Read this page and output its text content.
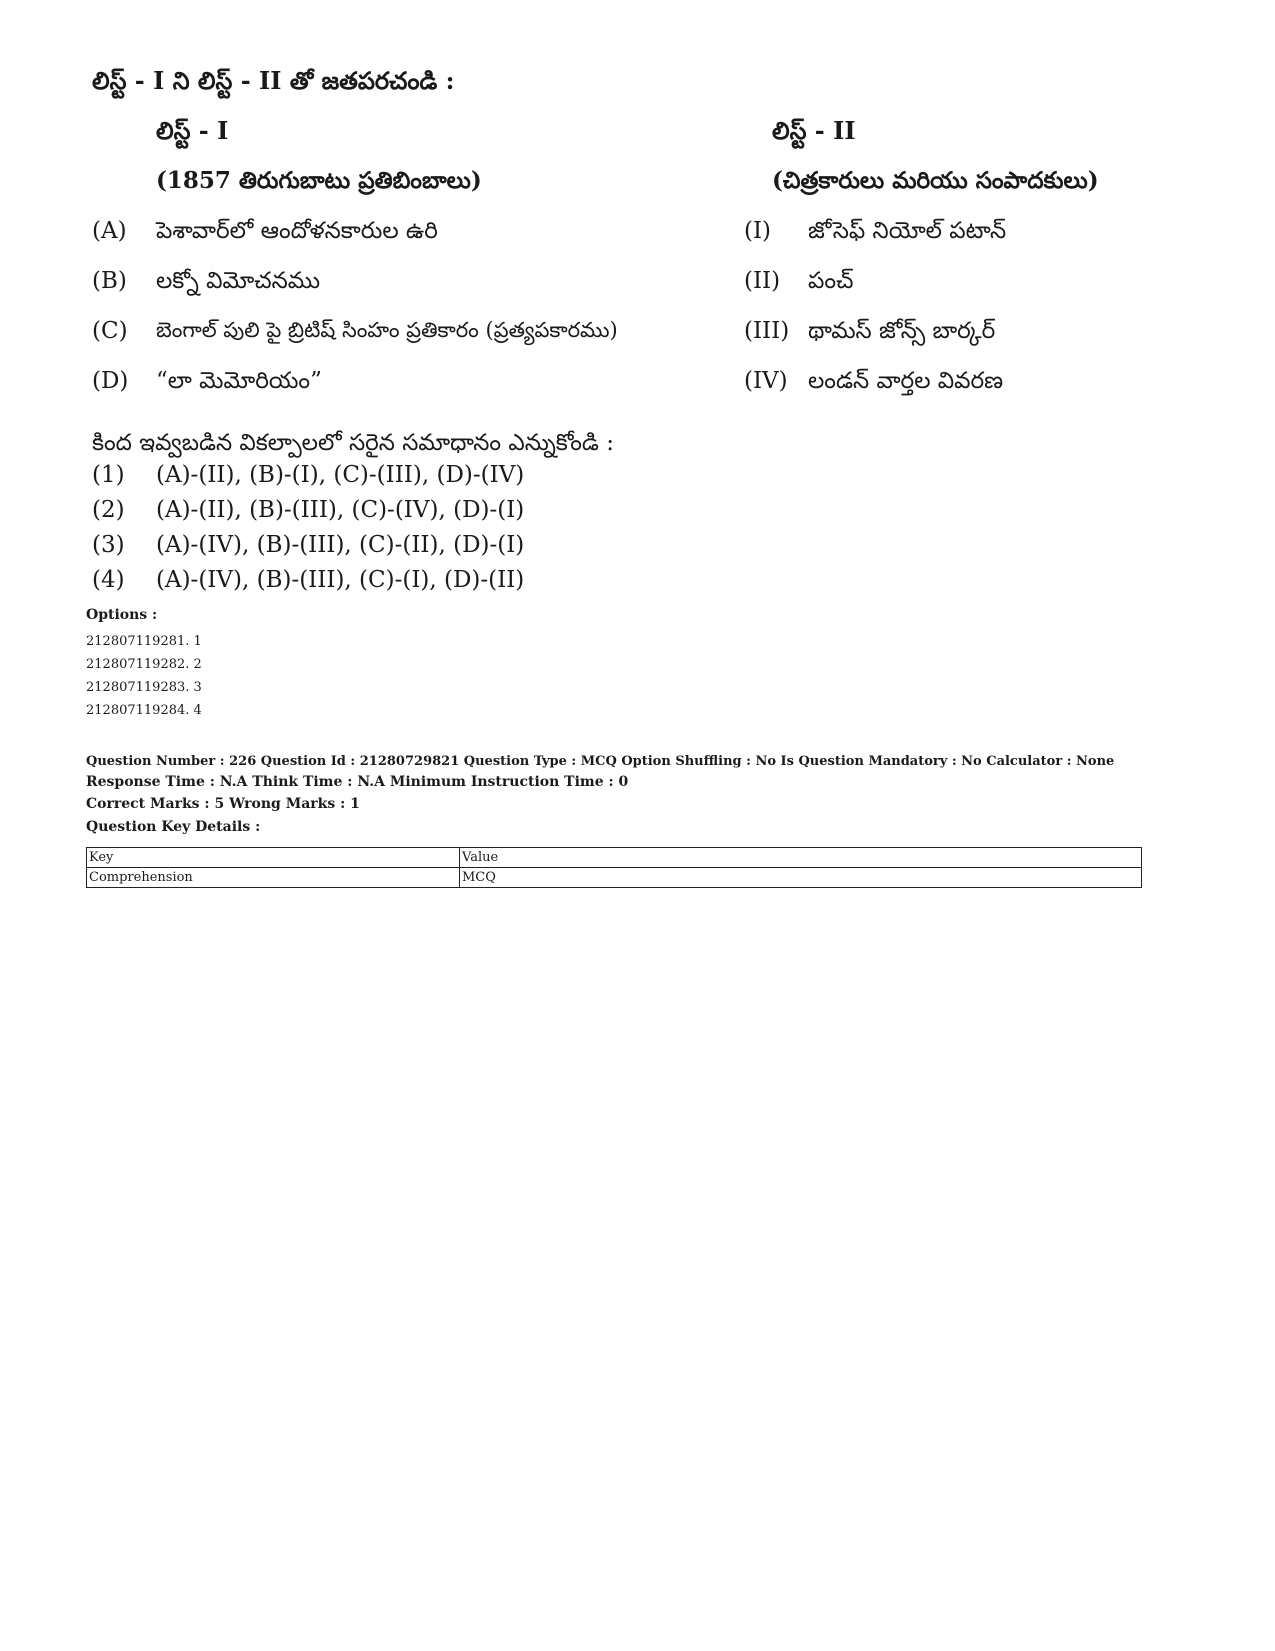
లిస్ట్ - I ని లిస్ట్ - II తో జతపరచండి :
లిస్ట్ - I	లిస్ట్ - II
(1857 తిరుగుబాటు ప్రతిబింబాలు)	(చిత్రకారులు మరియు సంపాదకులు)
(A) పెశావార్‌లో ఆందోళనకారుల ఉరి	(I) జోసెఫ్ నియోల్ పటాన్
(B) లక్నో విమోచనము	(II) పంచ్
(C) బెంగాల్ పులి పై బ్రిటిష్ సింహం ప్రతికారం (ప్రత్యపకారము)	(III) థామస్ జోన్స్ బార్కర్
(D) “లా మెమోరియం”	(IV) లండన్ వార్తల వివరణ
కింద ఇవ్వబడిన వికల్పాలలో సరైన సమాధానం ఎన్నుకోండి :
(1) (A)-(II), (B)-(I), (C)-(III), (D)-(IV)
(2) (A)-(II), (B)-(III), (C)-(IV), (D)-(I)
(3) (A)-(IV), (B)-(III), (C)-(II), (D)-(I)
(4) (A)-(IV), (B)-(III), (C)-(I), (D)-(II)
Options :
212807119281. 1
212807119282. 2
212807119283. 3
212807119284. 4
Question Number : 226 Question Id : 21280729821 Question Type : MCQ Option Shuffling : No Is Question Mandatory : No Calculator : None
Response Time : N.A Think Time : N.A Minimum Instruction Time : 0
Correct Marks : 5 Wrong Marks : 1
Question Key Details :
Key	Value
Comprehension	MCQ
